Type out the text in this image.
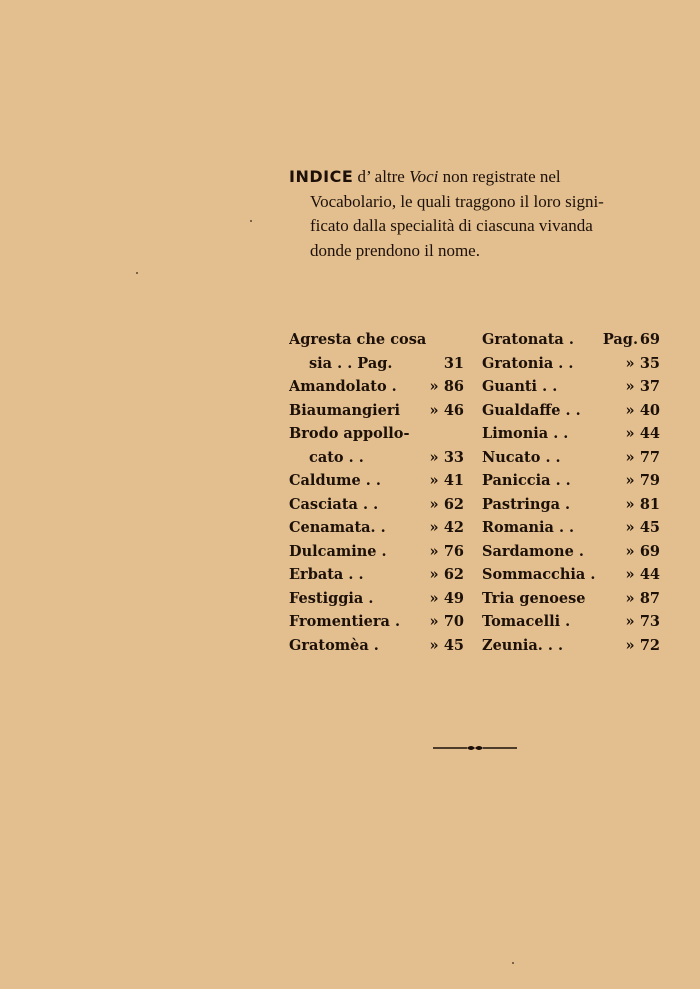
INDICE d’ altre Voci non registrate nel
Vocabolario, le quali traggono il loro signi-
ficato dalla specialità di ciascuna vivanda
donde prendono il nome.
Agresta che cosa
sia . . Pag.	31
Amandolato .	» 86
Biaumangieri	» 46
Brodo appollo-
cato . .	» 33
Caldume . .	» 41
Casciata . .	» 62
Cenamata. .	» 42
Dulcamine .	» 76
Erbata . .	» 62
Festiggia .	» 49
Fromentiera .	» 70
Gratomèa .	» 45
Gratonata .	Pag. 69
Gratonia . .	» 35
Guanti . .	» 37
Gualdaffe . .	» 40
Limonia . .	» 44
Nucato . .	» 77
Paniccia . .	» 79
Pastringa .	» 81
Romania . .	» 45
Sardamone .	» 69
Sommacchia .	» 44
Tria genoese	» 87
Tomacelli .	» 73
Zeunia. . .	» 72
